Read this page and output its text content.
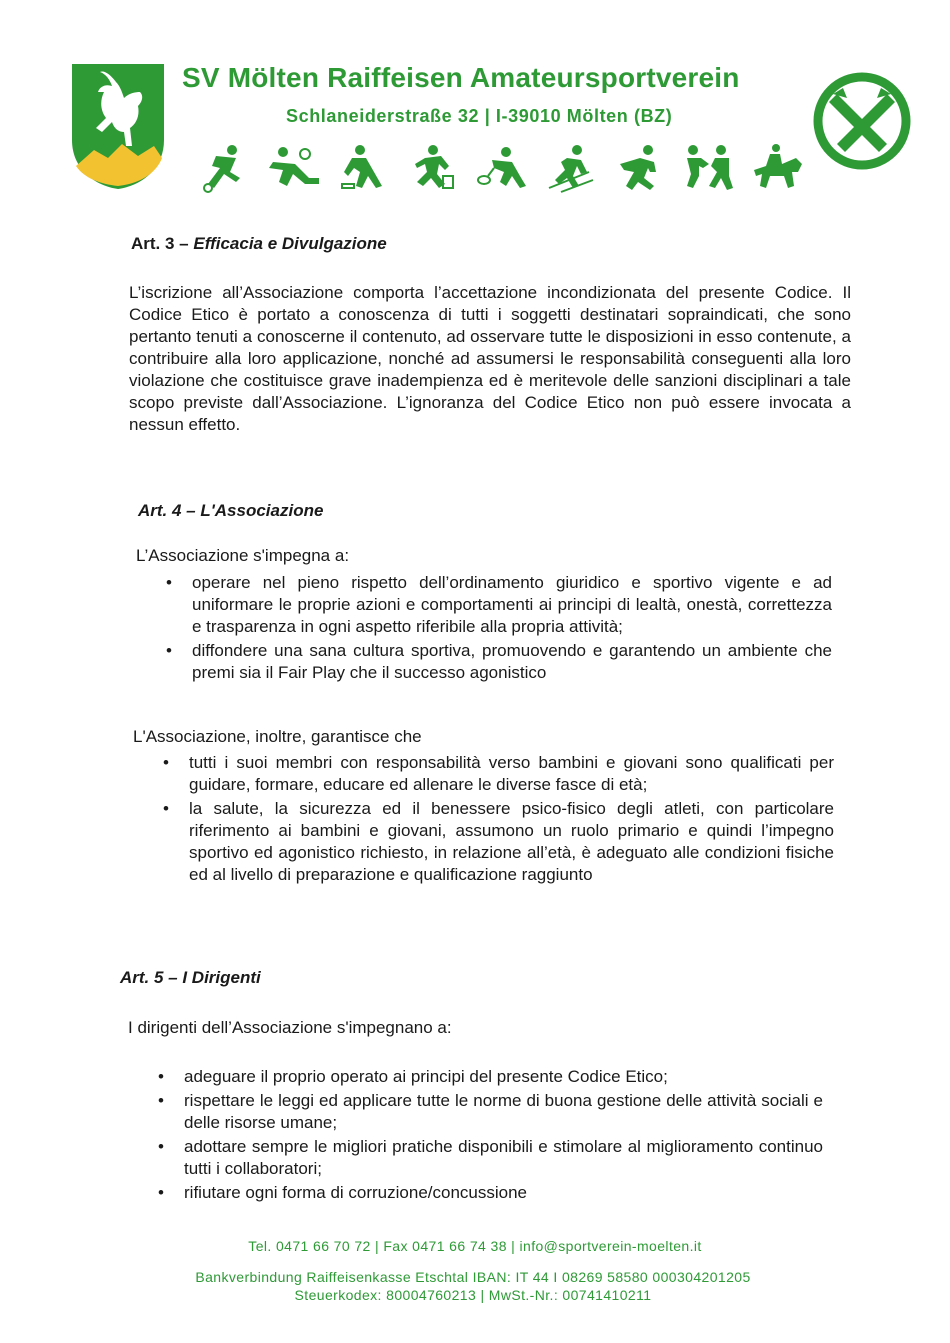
SV Mölten Raiffeisen Amateursportverein
Schlaneiderstraße 32 | I-39010 Mölten (BZ)
Art. 3 – Efficacia e Divulgazione
L’iscrizione all’Associazione comporta l’accettazione incondizionata del presente Codice. Il Codice Etico è portato a conoscenza di tutti i soggetti destinatari sopraindicati, che sono pertanto tenuti a conoscerne il contenuto, ad osservare tutte le disposizioni in esso contenute, a contribuire alla loro applicazione, nonché ad assumersi le responsabilità conseguenti alla loro violazione che costituisce grave inadempienza ed è meritevole delle sanzioni disciplinari a tale scopo previste dall’Associazione. L’ignoranza del Codice Etico non può essere invocata a nessun effetto.
Art. 4 – L'Associazione
L’Associazione s'impegna a:
• operare nel pieno rispetto dell’ordinamento giuridico e sportivo vigente e ad uniformare le proprie azioni e comportamenti ai principi di lealtà, onestà, correttezza e trasparenza in ogni aspetto riferibile alla propria attività;
• diffondere una sana cultura sportiva, promuovendo e garantendo un ambiente che premi sia il Fair Play che il successo agonistico
L'Associazione, inoltre, garantisce che
• tutti i suoi membri con responsabilità verso bambini e giovani sono qualificati per guidare, formare, educare ed allenare le diverse fasce di età;
• la salute, la sicurezza ed il benessere psico-fisico degli atleti, con particolare riferimento ai bambini e giovani, assumono un ruolo primario e quindi l’impegno sportivo ed agonistico richiesto, in relazione all’età, è adeguato alle condizioni fisiche ed al livello di preparazione e qualificazione raggiunto
Art. 5 – I Dirigenti
I dirigenti dell’Associazione s'impegnano a:
• adeguare il proprio operato ai principi del presente Codice Etico;
• rispettare le leggi ed applicare tutte le norme di buona gestione delle attività sociali e delle risorse umane;
• adottare sempre le migliori pratiche disponibili e stimolare al miglioramento continuo tutti i collaboratori;
• rifiutare ogni forma di corruzione/concussione
Tel. 0471 66 70 72 | Fax 0471 66 74 38 | info@sportverein-moelten.it
Bankverbindung Raiffeisenkasse Etschtal IBAN: IT 44 I 08269 58580 000304201205
Steuerkodex: 80004760213 | MwSt.-Nr.: 00741410211
